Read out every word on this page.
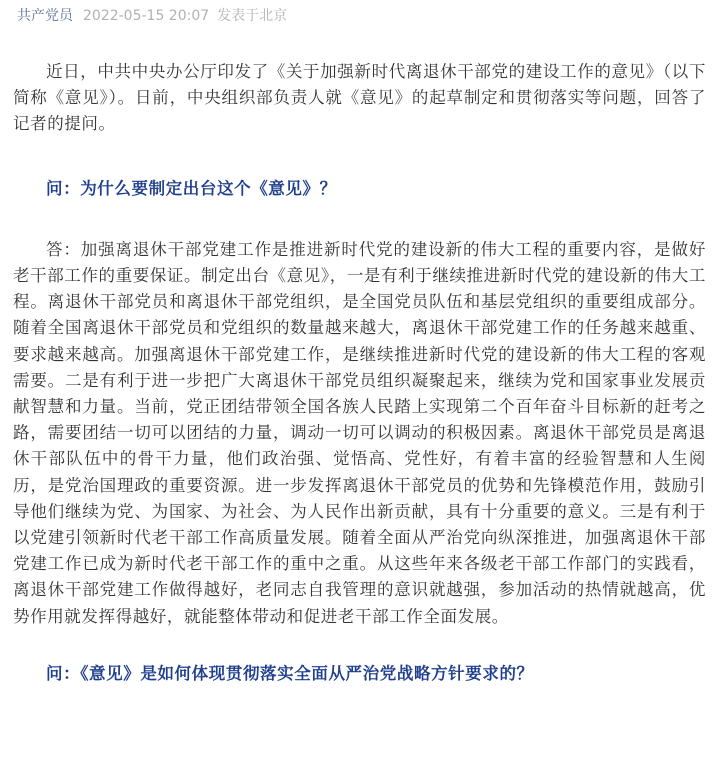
共产党员 2022-05-15 20:07 发表于北京

近日，中共中央办公厅印发了《关于加强新时代离退休干部党的建设工作的意见》（以下简称《意见》）。日前，中央组织部负责人就《意见》的起草制定和贯彻落实等问题，回答了记者的提问。

问：为什么要制定出台这个《意见》？

答：加强离退休干部党建工作是推进新时代党的建设新的伟大工程的重要内容，是做好老干部工作的重要保证。制定出台《意见》，一是有利于继续推进新时代党的建设新的伟大工程。离退休干部党员和离退休干部党组织，是全国党员队伍和基层党组织的重要组成部分。随着全国离退休干部党员和党组织的数量越来越大，离退休干部党建工作的任务越来越重、要求越来越高。加强离退休干部党建工作，是继续推进新时代党的建设新的伟大工程的客观需要。二是有利于进一步把广大离退休干部党员组织凝聚起来，继续为党和国家事业发展贡献智慧和力量。当前，党正团结带领全国各族人民踏上实现第二个百年奋斗目标新的赶考之路，需要团结一切可以团结的力量，调动一切可以调动的积极因素。离退休干部党员是离退休干部队伍中的骨干力量，他们政治强、觉悟高、党性好，有着丰富的经验智慧和人生阅历，是党治国理政的重要资源。进一步发挥离退休干部党员的优势和先锋模范作用，鼓励引导他们继续为党、为国家、为社会、为人民作出新贡献，具有十分重要的意义。三是有利于以党建引领新时代老干部工作高质量发展。随着全面从严治党向纵深推进，加强离退休干部党建工作已成为新时代老干部工作的重中之重。从这些年来各级老干部工作部门的实践看，离退休干部党建工作做得越好，老同志自我管理的意识就越强，参加活动的热情就越高，优势作用就发挥得越好，就能整体带动和促进老干部工作全面发展。

问：《意见》是如何体现贯彻落实全面从严治党战略方针要求的？
